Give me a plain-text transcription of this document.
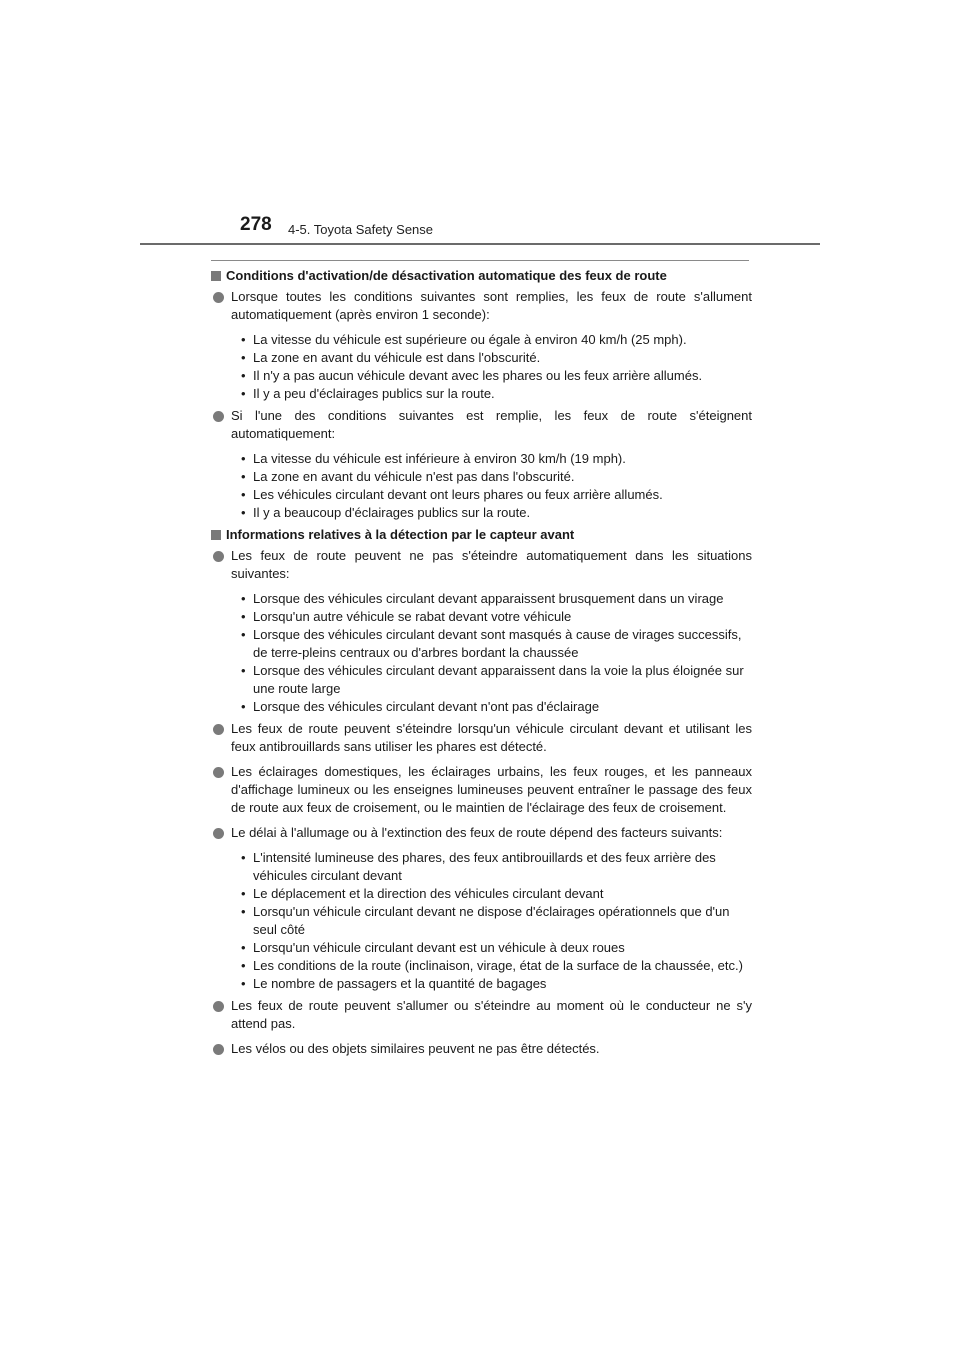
278 4-5. Toyota Safety Sense
Conditions d'activation/de désactivation automatique des feux de route
Lorsque toutes les conditions suivantes sont remplies, les feux de route s'allument automatiquement (après environ 1 seconde):
• La vitesse du véhicule est supérieure ou égale à environ 40 km/h (25 mph).
• La zone en avant du véhicule est dans l'obscurité.
• Il n'y a pas aucun véhicule devant avec les phares ou les feux arrière allumés.
• Il y a peu d'éclairages publics sur la route.
Si l'une des conditions suivantes est remplie, les feux de route s'éteignent automatiquement:
• La vitesse du véhicule est inférieure à environ 30 km/h (19 mph).
• La zone en avant du véhicule n'est pas dans l'obscurité.
• Les véhicules circulant devant ont leurs phares ou feux arrière allumés.
• Il y a beaucoup d'éclairages publics sur la route.
Informations relatives à la détection par le capteur avant
Les feux de route peuvent ne pas s'éteindre automatiquement dans les situations suivantes:
• Lorsque des véhicules circulant devant apparaissent brusquement dans un virage
• Lorsqu'un autre véhicule se rabat devant votre véhicule
• Lorsque des véhicules circulant devant sont masqués à cause de virages successifs, de terre-pleins centraux ou d'arbres bordant la chaussée
• Lorsque des véhicules circulant devant apparaissent dans la voie la plus éloignée sur une route large
• Lorsque des véhicules circulant devant n'ont pas d'éclairage
Les feux de route peuvent s'éteindre lorsqu'un véhicule circulant devant et utilisant les feux antibrouillards sans utiliser les phares est détecté.
Les éclairages domestiques, les éclairages urbains, les feux rouges, et les panneaux d'affichage lumineux ou les enseignes lumineuses peuvent entraîner le passage des feux de route aux feux de croisement, ou le maintien de l'éclairage des feux de croisement.
Le délai à l'allumage ou à l'extinction des feux de route dépend des facteurs suivants:
• L'intensité lumineuse des phares, des feux antibrouillards et des feux arrière des véhicules circulant devant
• Le déplacement et la direction des véhicules circulant devant
• Lorsqu'un véhicule circulant devant ne dispose d'éclairages opérationnels que d'un seul côté
• Lorsqu'un véhicule circulant devant est un véhicule à deux roues
• Les conditions de la route (inclinaison, virage, état de la surface de la chaussée, etc.)
• Le nombre de passagers et la quantité de bagages
Les feux de route peuvent s'allumer ou s'éteindre au moment où le conducteur ne s'y attend pas.
Les vélos ou des objets similaires peuvent ne pas être détectés.
